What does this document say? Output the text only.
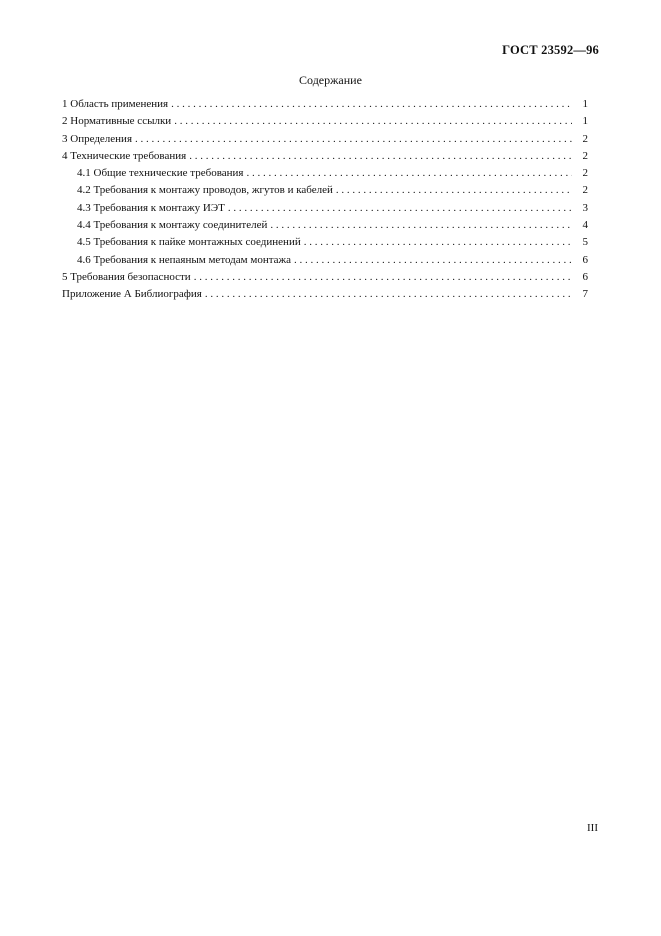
ГОСТ 23592—96
Содержание
1 Область применения . . .	1
2 Нормативные ссылки . . .	1
3 Определения . . .	2
4 Технические требования . . .	2
4.1 Общие технические требования . . .	2
4.2 Требования к монтажу проводов, жгутов и кабелей . . .	2
4.3 Требования к монтажу ИЭТ . . .	3
4.4 Требования к монтажу соединителей . . .	4
4.5 Требования к пайке монтажных соединений . . .	5
4.6 Требования к непаяным методам монтажа . . .	6
5 Требования безопасности . . .	6
Приложение А Библиография . . .	7
III
